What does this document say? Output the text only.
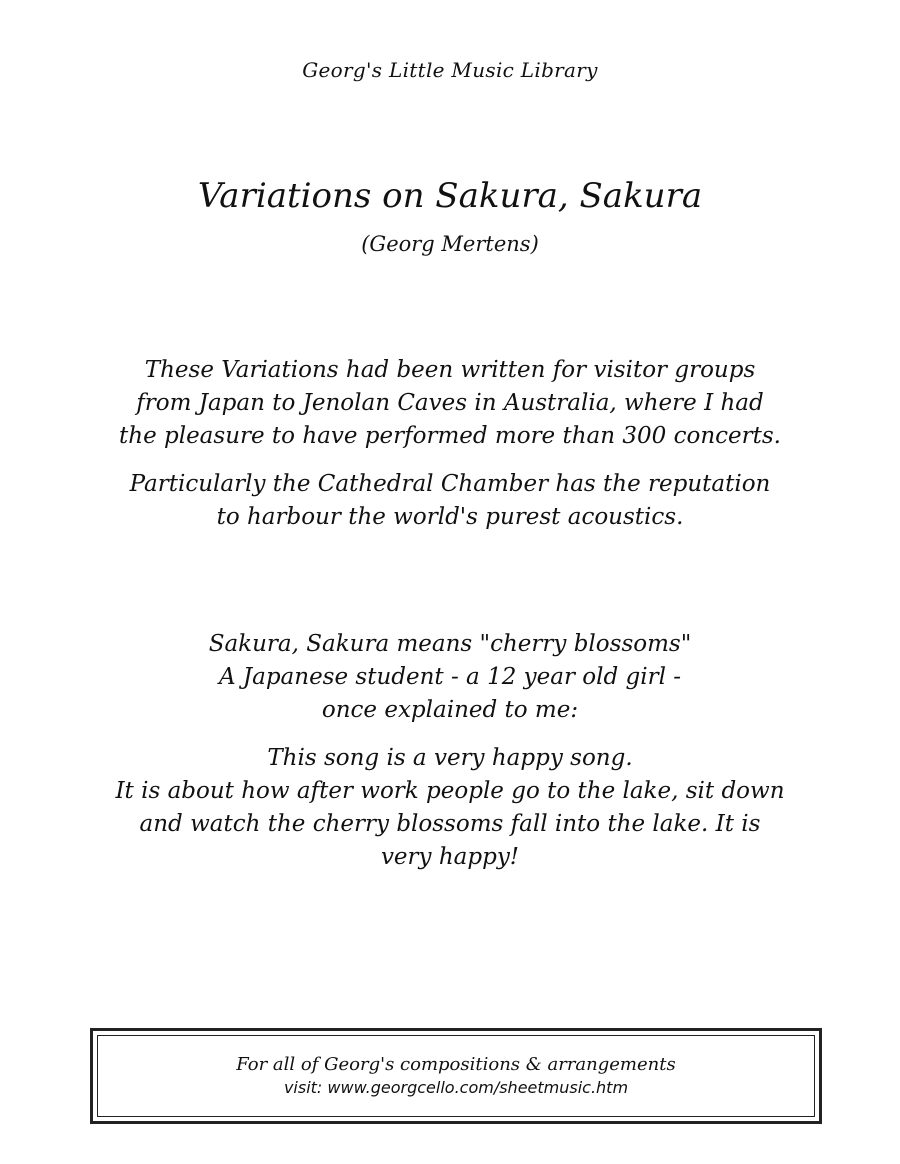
Georg's Little Music Library
Variations on Sakura, Sakura
(Georg Mertens)
These Variations had been written for visitor groups
from Japan to Jenolan Caves in Australia, where I had
the pleasure to have performed more than 300 concerts.
Particularly the Cathedral Chamber has the reputation
to harbour the world's purest acoustics.
Sakura, Sakura means "cherry blossoms"
A Japanese student - a 12 year old girl -
once explained to me:
This song is a very happy song.
It is about how after work people go to the lake, sit down
and watch the cherry blossoms fall into the lake. It is
very happy!
For all of Georg's compositions & arrangements
visit: www.georgcello.com/sheetmusic.htm
